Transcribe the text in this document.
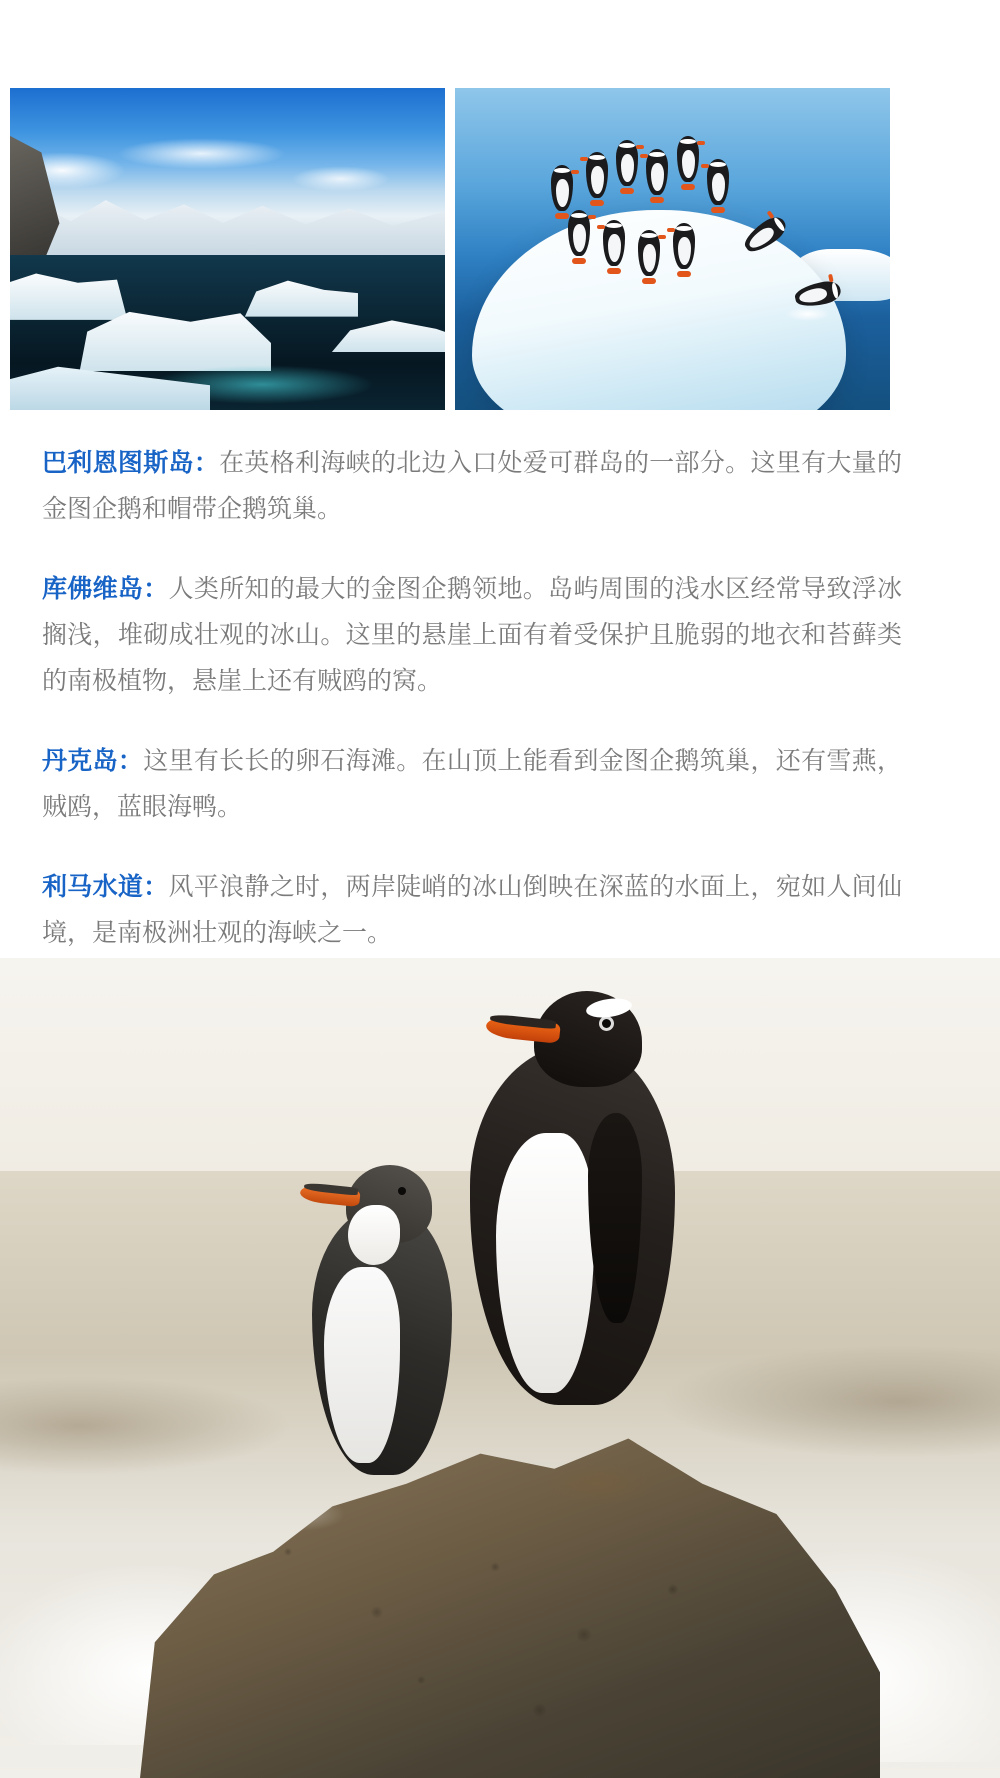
巴利恩图斯岛：在英格利海峡的北边入口处爱可群岛的一部分。这里有大量的金图企鹅和帽带企鹅筑巢。

库佛维岛：人类所知的最大的金图企鹅领地。岛屿周围的浅水区经常导致浮冰搁浅，堆砌成壮观的冰山。这里的悬崖上面有着受保护且脆弱的地衣和苔藓类的南极植物，悬崖上还有贼鸥的窝。

丹克岛：这里有长长的卵石海滩。在山顶上能看到金图企鹅筑巢，还有雪燕，贼鸥，蓝眼海鸭。

利马水道：风平浪静之时，两岸陡峭的冰山倒映在深蓝的水面上，宛如人间仙境，是南极洲壮观的海峡之一。
